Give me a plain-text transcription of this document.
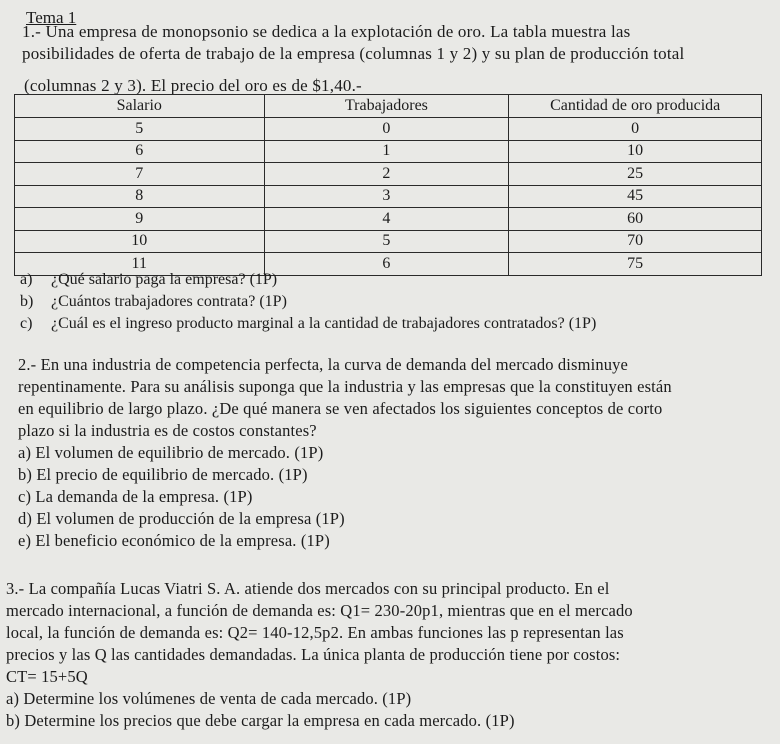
Tema 1
1.- Una empresa de monopsonio se dedica a la explotación de oro. La tabla muestra las
posibilidades de oferta de trabajo de la empresa (columnas 1 y 2) y su plan de producción total
(columnas 2 y 3). El precio del oro es de $1,40.-
Salario	Trabajadores	Cantidad de oro producida
5	0	0
6	1	10
7	2	25
8	3	45
9	4	60
10	5	70
11	6	75
a) ¿Qué salario paga la empresa? (1P)
b) ¿Cuántos trabajadores contrata? (1P)
c) ¿Cuál es el ingreso producto marginal a la cantidad de trabajadores contratados? (1P)
2.- En una industria de competencia perfecta, la curva de demanda del mercado disminuye
repentinamente. Para su análisis suponga que la industria y las empresas que la constituyen están
en equilibrio de largo plazo. ¿De qué manera se ven afectados los siguientes conceptos de corto
plazo si la industria es de costos constantes?
a) El volumen de equilibrio de mercado. (1P)
b) El precio de equilibrio de mercado. (1P)
c) La demanda de la empresa. (1P)
d) El volumen de producción de la empresa (1P)
e) El beneficio económico de la empresa. (1P)
3.- La compañía Lucas Viatri S. A. atiende dos mercados con su principal producto. En el
mercado internacional, a función de demanda es: Q1= 230-20p1, mientras que en el mercado
local, la función de demanda es: Q2= 140-12,5p2. En ambas funciones las p representan las
precios y las Q las cantidades demandadas. La única planta de producción tiene por costos:
CT= 15+5Q
a) Determine los volúmenes de venta de cada mercado. (1P)
b) Determine los precios que debe cargar la empresa en cada mercado. (1P)
